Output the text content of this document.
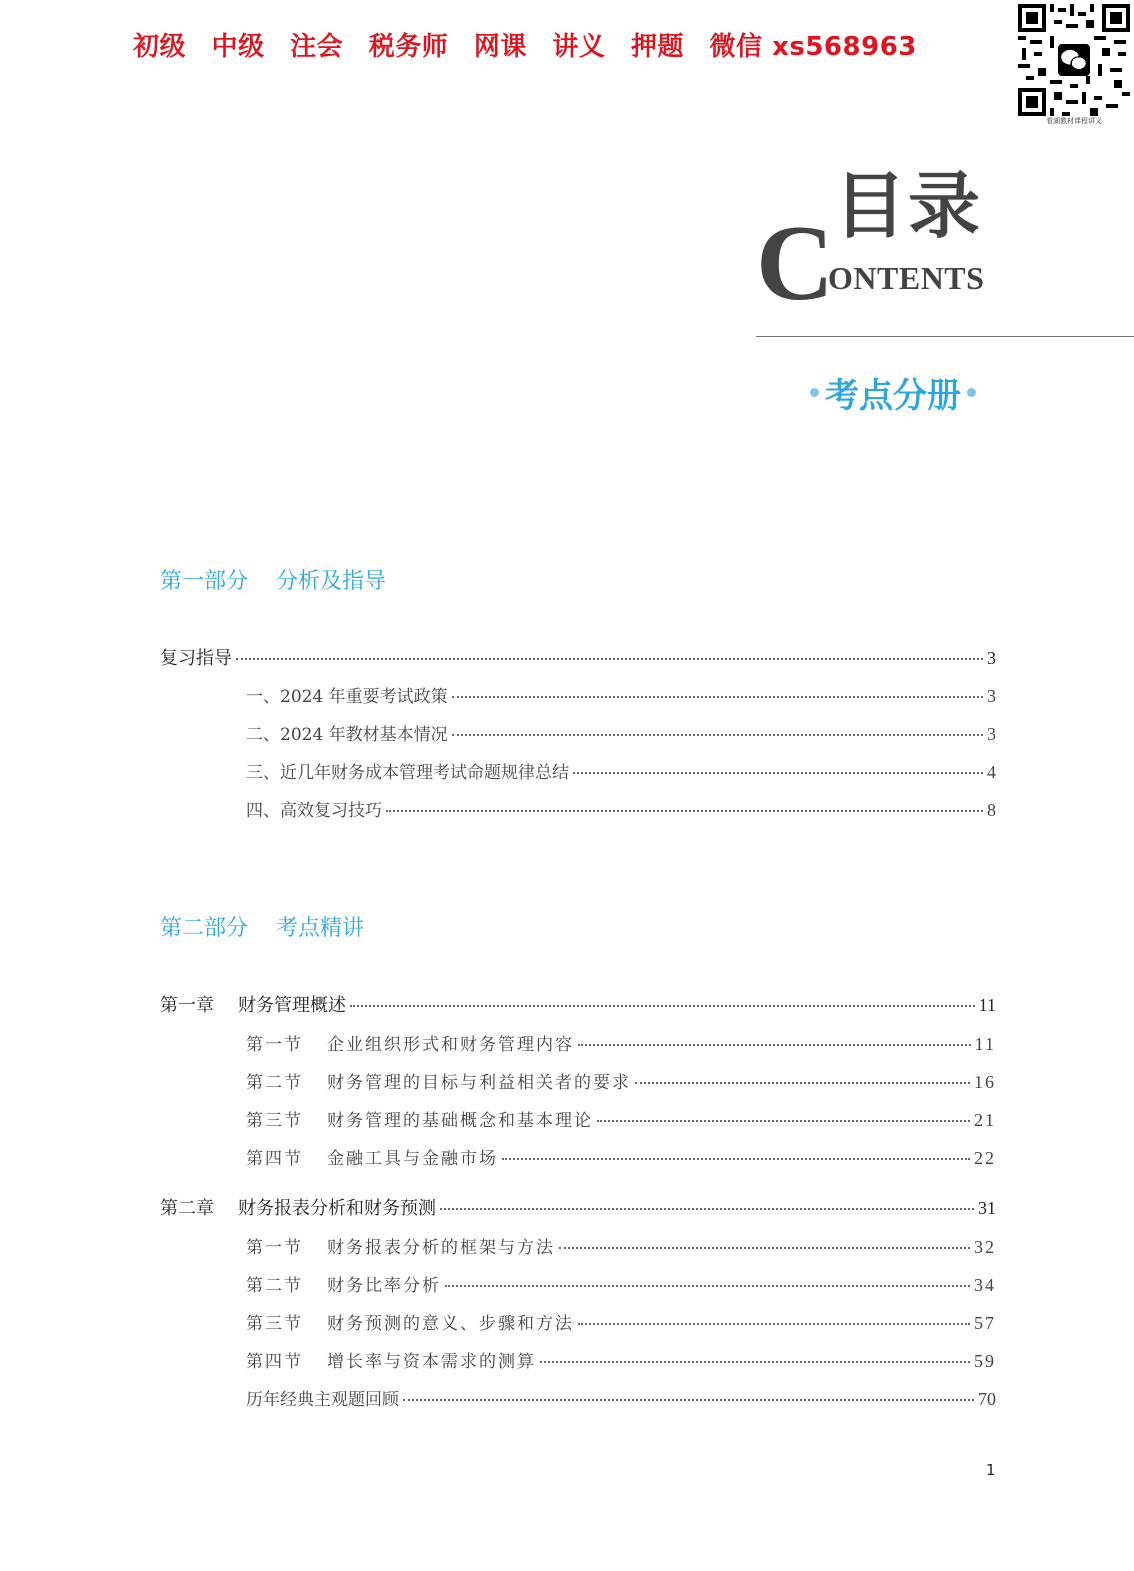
初级 中级 注会 税务师 网课 讲义 押题 微信 xs568963
看湖教材课程讲义
C 目录
ONTENTS
考点分册
第一部分 分析及指导
复习指导	3
一、2024 年重要考试政策	3
二、2024 年教材基本情况	3
三、近几年财务成本管理考试命题规律总结	4
四、高效复习技巧	8
第二部分 考点精讲
第一章 财务管理概述	11
第一节 企业组织形式和财务管理内容	11
第二节 财务管理的目标与利益相关者的要求	16
第三节 财务管理的基础概念和基本理论	21
第四节 金融工具与金融市场	22
第二章 财务报表分析和财务预测	31
第一节 财务报表分析的框架与方法	32
第二节 财务比率分析	34
第三节 财务预测的意义、步骤和方法	57
第四节 增长率与资本需求的测算	59
历年经典主观题回顾	70
1
